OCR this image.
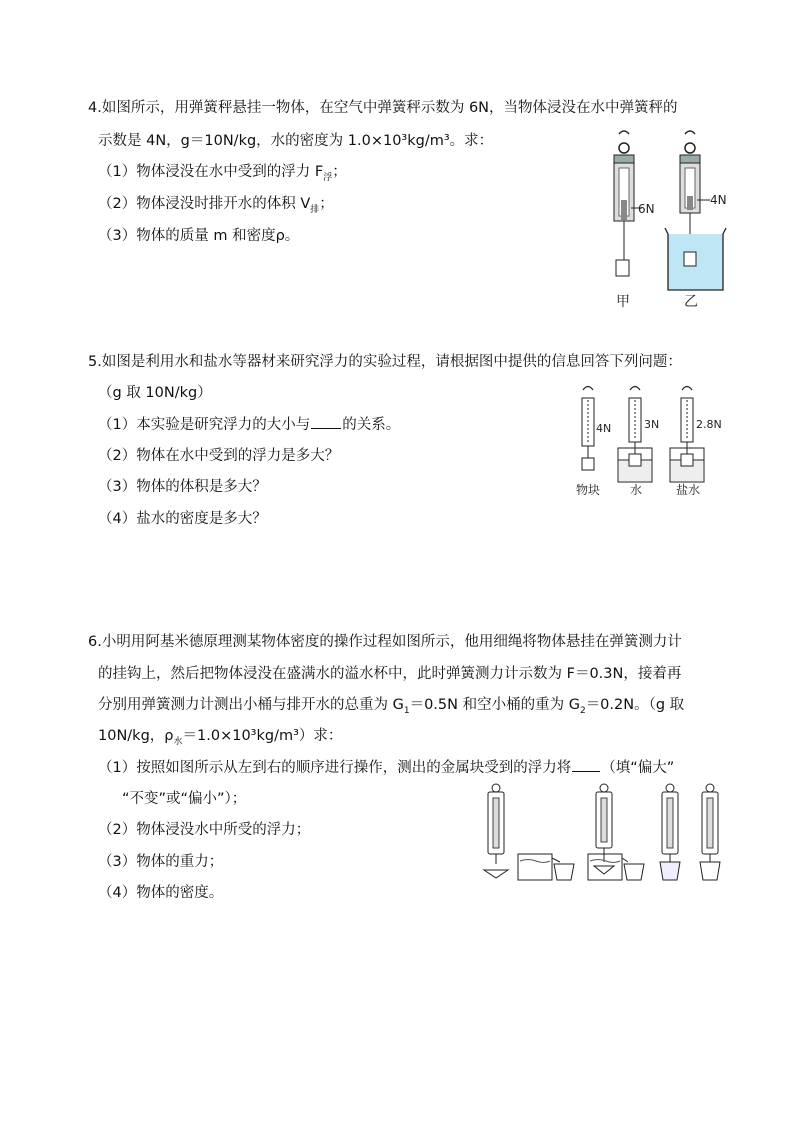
4.如图所示，用弹簧秤悬挂一物体，在空气中弹簧秤示数为 6N，当物体浸没在水中弹簧秤的
示数是 4N，g＝10N/kg，水的密度为 1.0×10³kg/m³。求：
（1）物体浸没在水中受到的浮力 $F_浮$；
（2）物体浸没时排开水的体积 $V_排$；
（3）物体的质量 m 和密度ρ。
6N
甲
4N
乙
5.如图是利用水和盐水等器材来研究浮力的实验过程，请根据图中提供的信息回答下列问题：
（g 取 10N/kg）
（1）本实验是研究浮力的大小与 的关系。
（2）物体在水中受到的浮力是多大？
（3）物体的体积是多大？
（4）盐水的密度是多大？
4N
物块
3N
水
2.8N
盐水
6.小明用阿基米德原理测某物体密度的操作过程如图所示，他用细绳将物体悬挂在弹簧测力计
的挂钩上，然后把物体浸没在盛满水的溢水杯中，此时弹簧测力计示数为 F＝0.3N，接着再
分别用弹簧测力计测出小桶与排开水的总重为 $G_1=0.5N$ 和空小桶的重为 $G_2=0.2N$。（g 取
10N/kg，$\rho_水=1.0\times 10^3kg/m^3$）求：
（1）按照如图所示从左到右的顺序进行操作，测出的金属块受到的浮力将 （填“偏大”
“不变”或“偏小”）；
（2）物体浸没水中所受的浮力；
（3）物体的重力；
（4）物体的密度。
